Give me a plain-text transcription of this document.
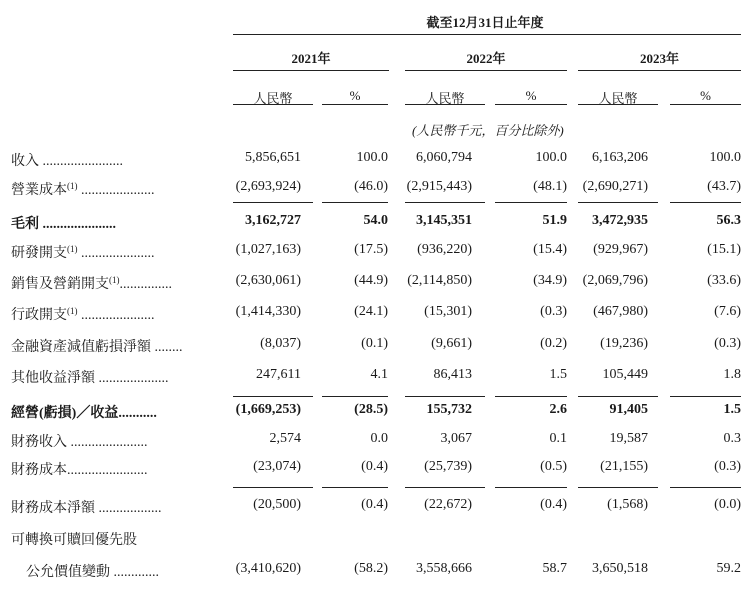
截至12月31日止年度
2021年	2022年	2023年
人民幣	%	人民幣	%	人民幣	%
(人民幣千元，百分比除外)
收入 .......................	5,856,651	100.0 6,060,794	100.0 6,163,206	100.0
營業成本$^{(1)}$ .....................	(2,693,924)	(46.0) (2,915,443)	(48.1) (2,690,271)	(43.7)
毛利 .....................	3,162,727	54.0 3,145,351	51.9 3,472,935	56.3
研發開支$^{(1)}$ .....................	(1,027,163)	(17.5) (936,220)	(15.4) (929,967)	(15.1)
銷售及營銷開支$^{(1)}$...............	(2,630,061)	(44.9) (2,114,850)	(34.9) (2,069,796)	(33.6)
行政開支$^{(1)}$ .....................	(1,414,330)	(24.1)	(15,301)	(0.3) (467,980)	(7.6)
金融資產減值虧損淨額 ........	(8,037)	(0.1)	(9,661)	(0.2) (19,236)	(0.3)
其他收益淨額 ....................	247,611	4.1	86,413	1.5	105,449	1.8
經營(虧損)／收益...........	(1,669,253)	(28.5)	155,732	2.6	91,405	1.5
財務收入 ......................	2,574	0.0	3,067	0.1	19,587	0.3
財務成本.......................	(23,074)	(0.4)	(25,739)	(0.5) (21,155)	(0.3)
財務成本淨額 ..................	(20,500)	(0.4)	(22,672)	(0.4)	(1,568)	(0.0)
可轉換可贖回優先股
公允價值變動 .............	(3,410,620)	(58.2) 3,558,666	58.7 3,650,518	59.2
